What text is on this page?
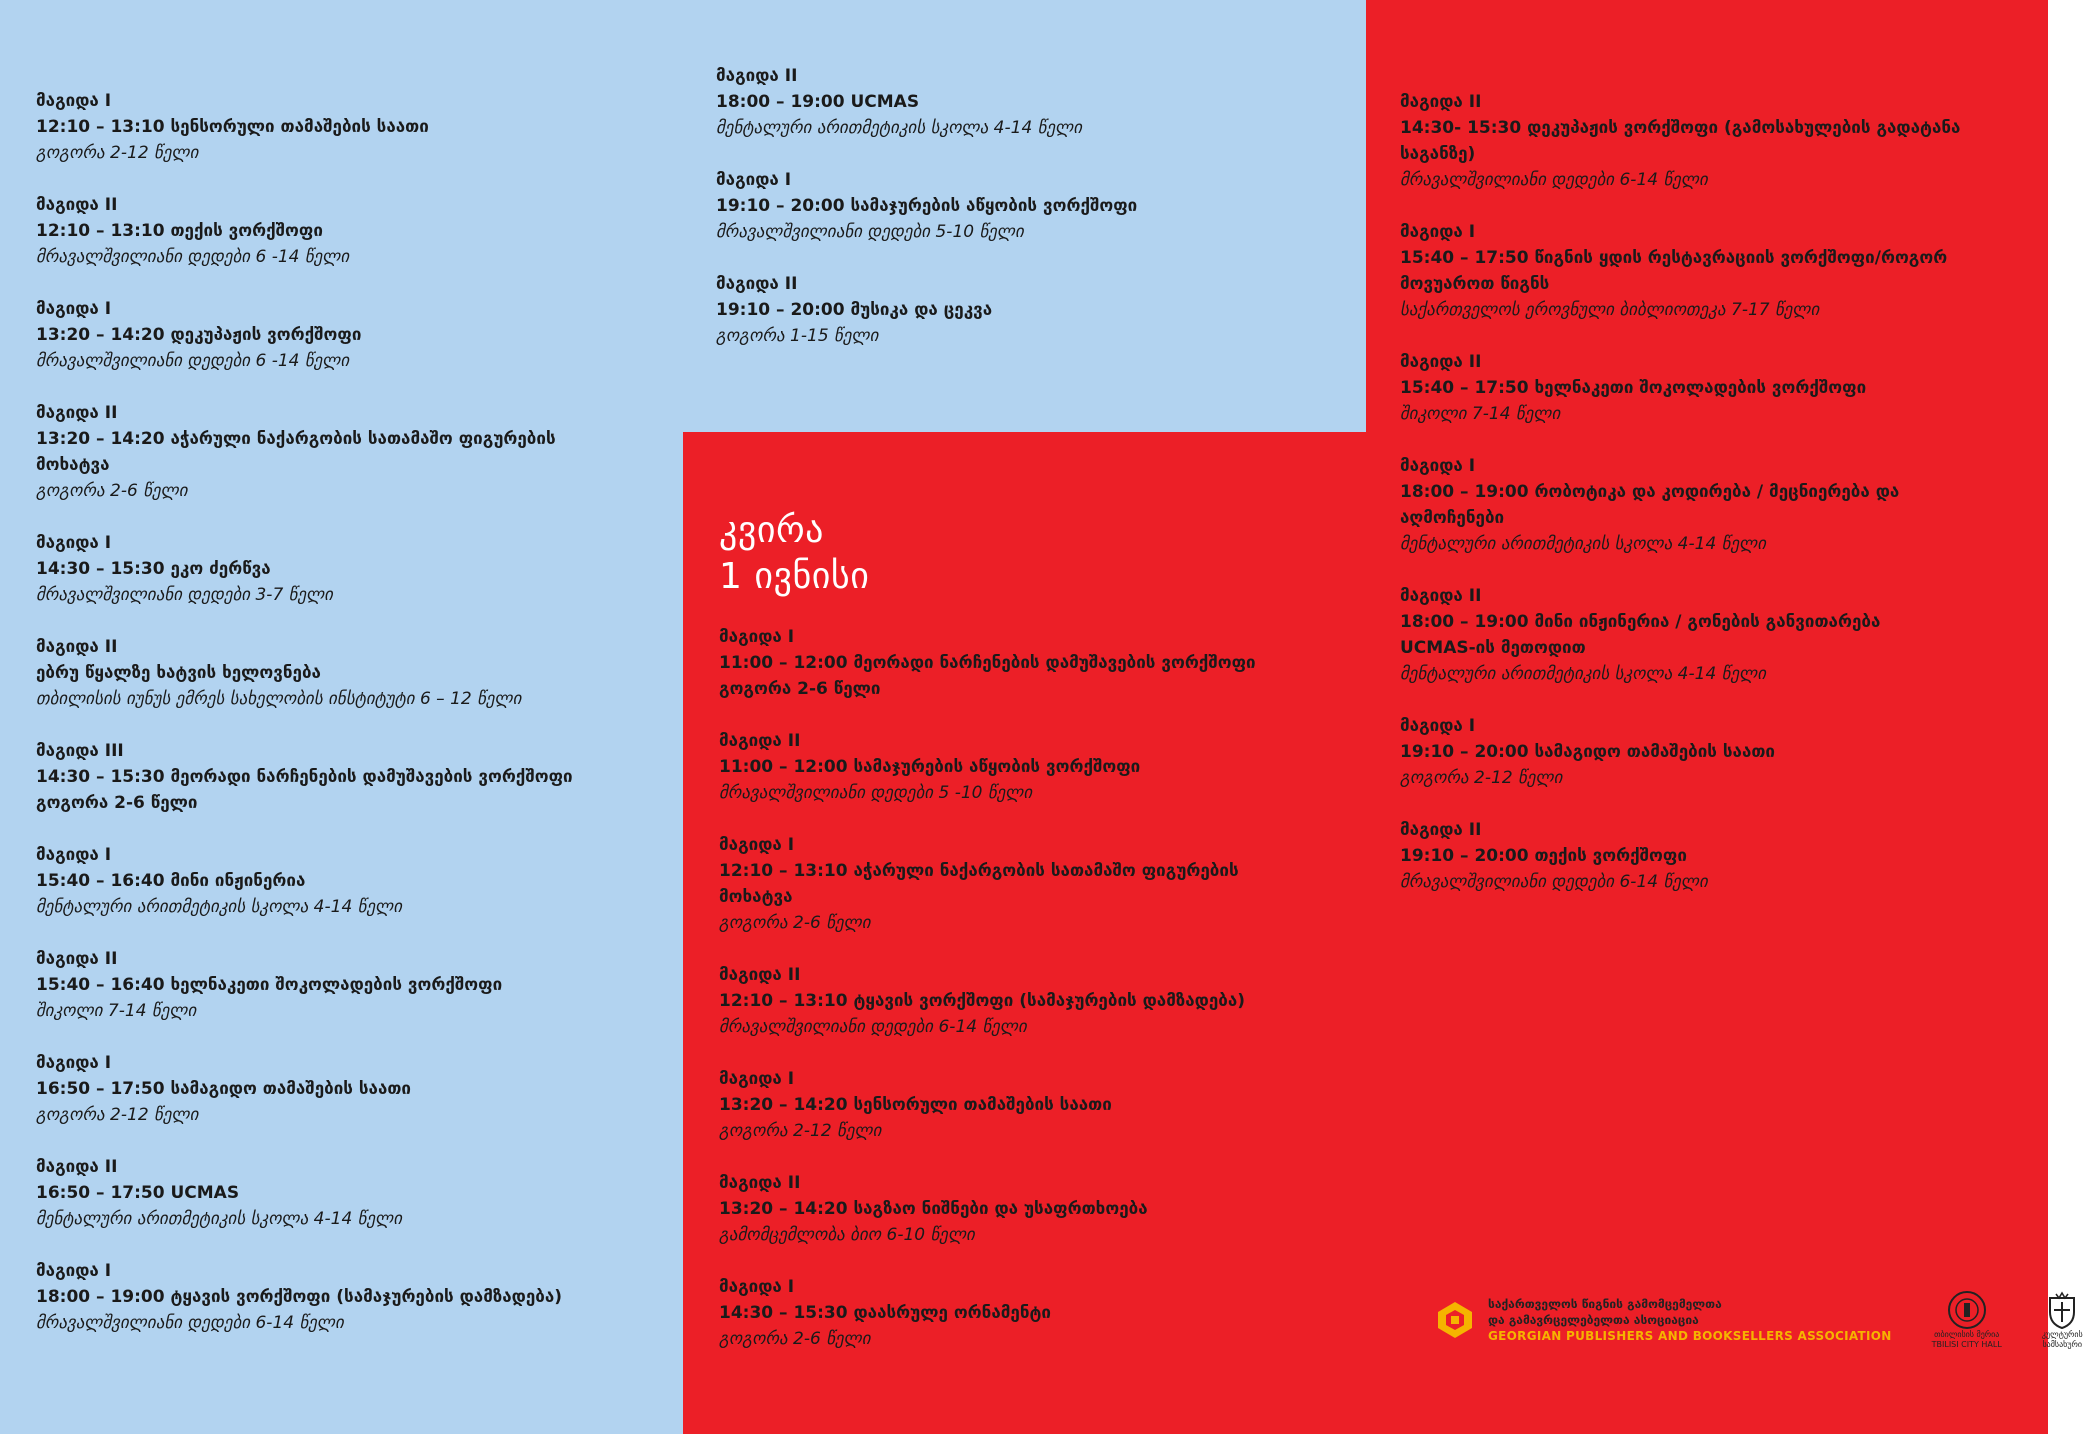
მაგიდა I
12:10 – 13:10 სენსორული თამაშების საათი
გოგორა 2-12 წელი
მაგიდა II
12:10 – 13:10 თექის ვორქშოფი
მრავალშვილიანი დედები 6 -14 წელი
მაგიდა I
13:20 – 14:20 დეკუპაჟის ვორქშოფი
მრავალშვილიანი დედები 6 -14 წელი
მაგიდა II
13:20 – 14:20 აჭარული ნაქარგობის სათამაშო ფიგურების
მოხატვა
გოგორა 2-6 წელი
მაგიდა I
14:30 – 15:30 ეკო ძერწვა
მრავალშვილიანი დედები 3-7 წელი
მაგიდა II
ებრუ წყალზე ხატვის ხელოვნება
თბილისის იუნუს ემრეს სახელობის ინსტიტუტი 6 – 12 წელი
მაგიდა III
14:30 – 15:30 მეორადი ნარჩენების დამუშავების ვორქშოფი
გოგორა 2-6 წელი
მაგიდა I
15:40 – 16:40 მინი ინჟინერია
მენტალური არითმეტიკის სკოლა 4-14 წელი
მაგიდა II
15:40 – 16:40 ხელნაკეთი შოკოლადების ვორქშოფი
შიკოლი 7-14 წელი
მაგიდა I
16:50 – 17:50 სამაგიდო თამაშების საათი
გოგორა 2-12 წელი
მაგიდა II
16:50 – 17:50 UCMAS
მენტალური არითმეტიკის სკოლა 4-14 წელი
მაგიდა I
18:00 – 19:00 ტყავის ვორქშოფი (სამაჯურების დამზადება)
მრავალშვილიანი დედები 6-14 წელი
მაგიდა II
18:00 – 19:00 UCMAS
მენტალური არითმეტიკის სკოლა 4-14 წელი
მაგიდა I
19:10 – 20:00 სამაჯურების აწყობის ვორქშოფი
მრავალშვილიანი დედები 5-10 წელი
მაგიდა II
19:10 – 20:00 მუსიკა და ცეკვა
გოგორა 1-15 წელი
კვირა
1 ივნისი
მაგიდა I
11:00 – 12:00 მეორადი ნარჩენების დამუშავების ვორქშოფი
გოგორა 2-6 წელი
მაგიდა II
11:00 – 12:00 სამაჯურების აწყობის ვორქშოფი
მრავალშვილიანი დედები 5 -10 წელი
მაგიდა I
12:10 – 13:10 აჭარული ნაქარგობის სათამაშო ფიგურების
მოხატვა
გოგორა 2-6 წელი
მაგიდა II
12:10 – 13:10 ტყავის ვორქშოფი (სამაჯურების დამზადება)
მრავალშვილიანი დედები 6-14 წელი
მაგიდა I
13:20 – 14:20 სენსორული თამაშების საათი
გოგორა 2-12 წელი
მაგიდა II
13:20 – 14:20 საგზაო ნიშნები და უსაფრთხოება
გამომცემლობა ბიო 6-10 წელი
მაგიდა I
14:30 – 15:30 დაასრულე ორნამენტი
გოგორა 2-6 წელი
მაგიდა II
14:30- 15:30 დეკუპაჟის ვორქშოფი (გამოსახულების გადატანა
საგანზე)
მრავალშვილიანი დედები 6-14 წელი
მაგიდა I
15:40 – 17:50 წიგნის ყდის რესტავრაციის ვორქშოფი/როგორ
მოვუაროთ წიგნს
საქართველოს ეროვნული ბიბლიოთეკა 7-17 წელი
მაგიდა II
15:40 – 17:50 ხელნაკეთი შოკოლადების ვორქშოფი
შიკოლი 7-14 წელი
მაგიდა I
18:00 – 19:00 რობოტიკა და კოდირება / მეცნიერება და
აღმოჩენები
მენტალური არითმეტიკის სკოლა 4-14 წელი
მაგიდა II
18:00 – 19:00 მინი ინჟინერია / გონების განვითარება
UCMAS-ის მეთოდით
მენტალური არითმეტიკის სკოლა 4-14 წელი
მაგიდა I
19:10 – 20:00 სამაგიდო თამაშების საათი
გოგორა 2-12 წელი
მაგიდა II
19:10 – 20:00 თექის ვორქშოფი
მრავალშვილიანი დედები 6-14 წელი
საქართველოს წიგნის გამომცემელთა
და გამავრცელებელთა ასოციაცია
GEORGIAN PUBLISHERS AND BOOKSELLERS ASSOCIATION	თბილისის მერია
TBILISI CITY HALL
კულტურის
სამსახური
